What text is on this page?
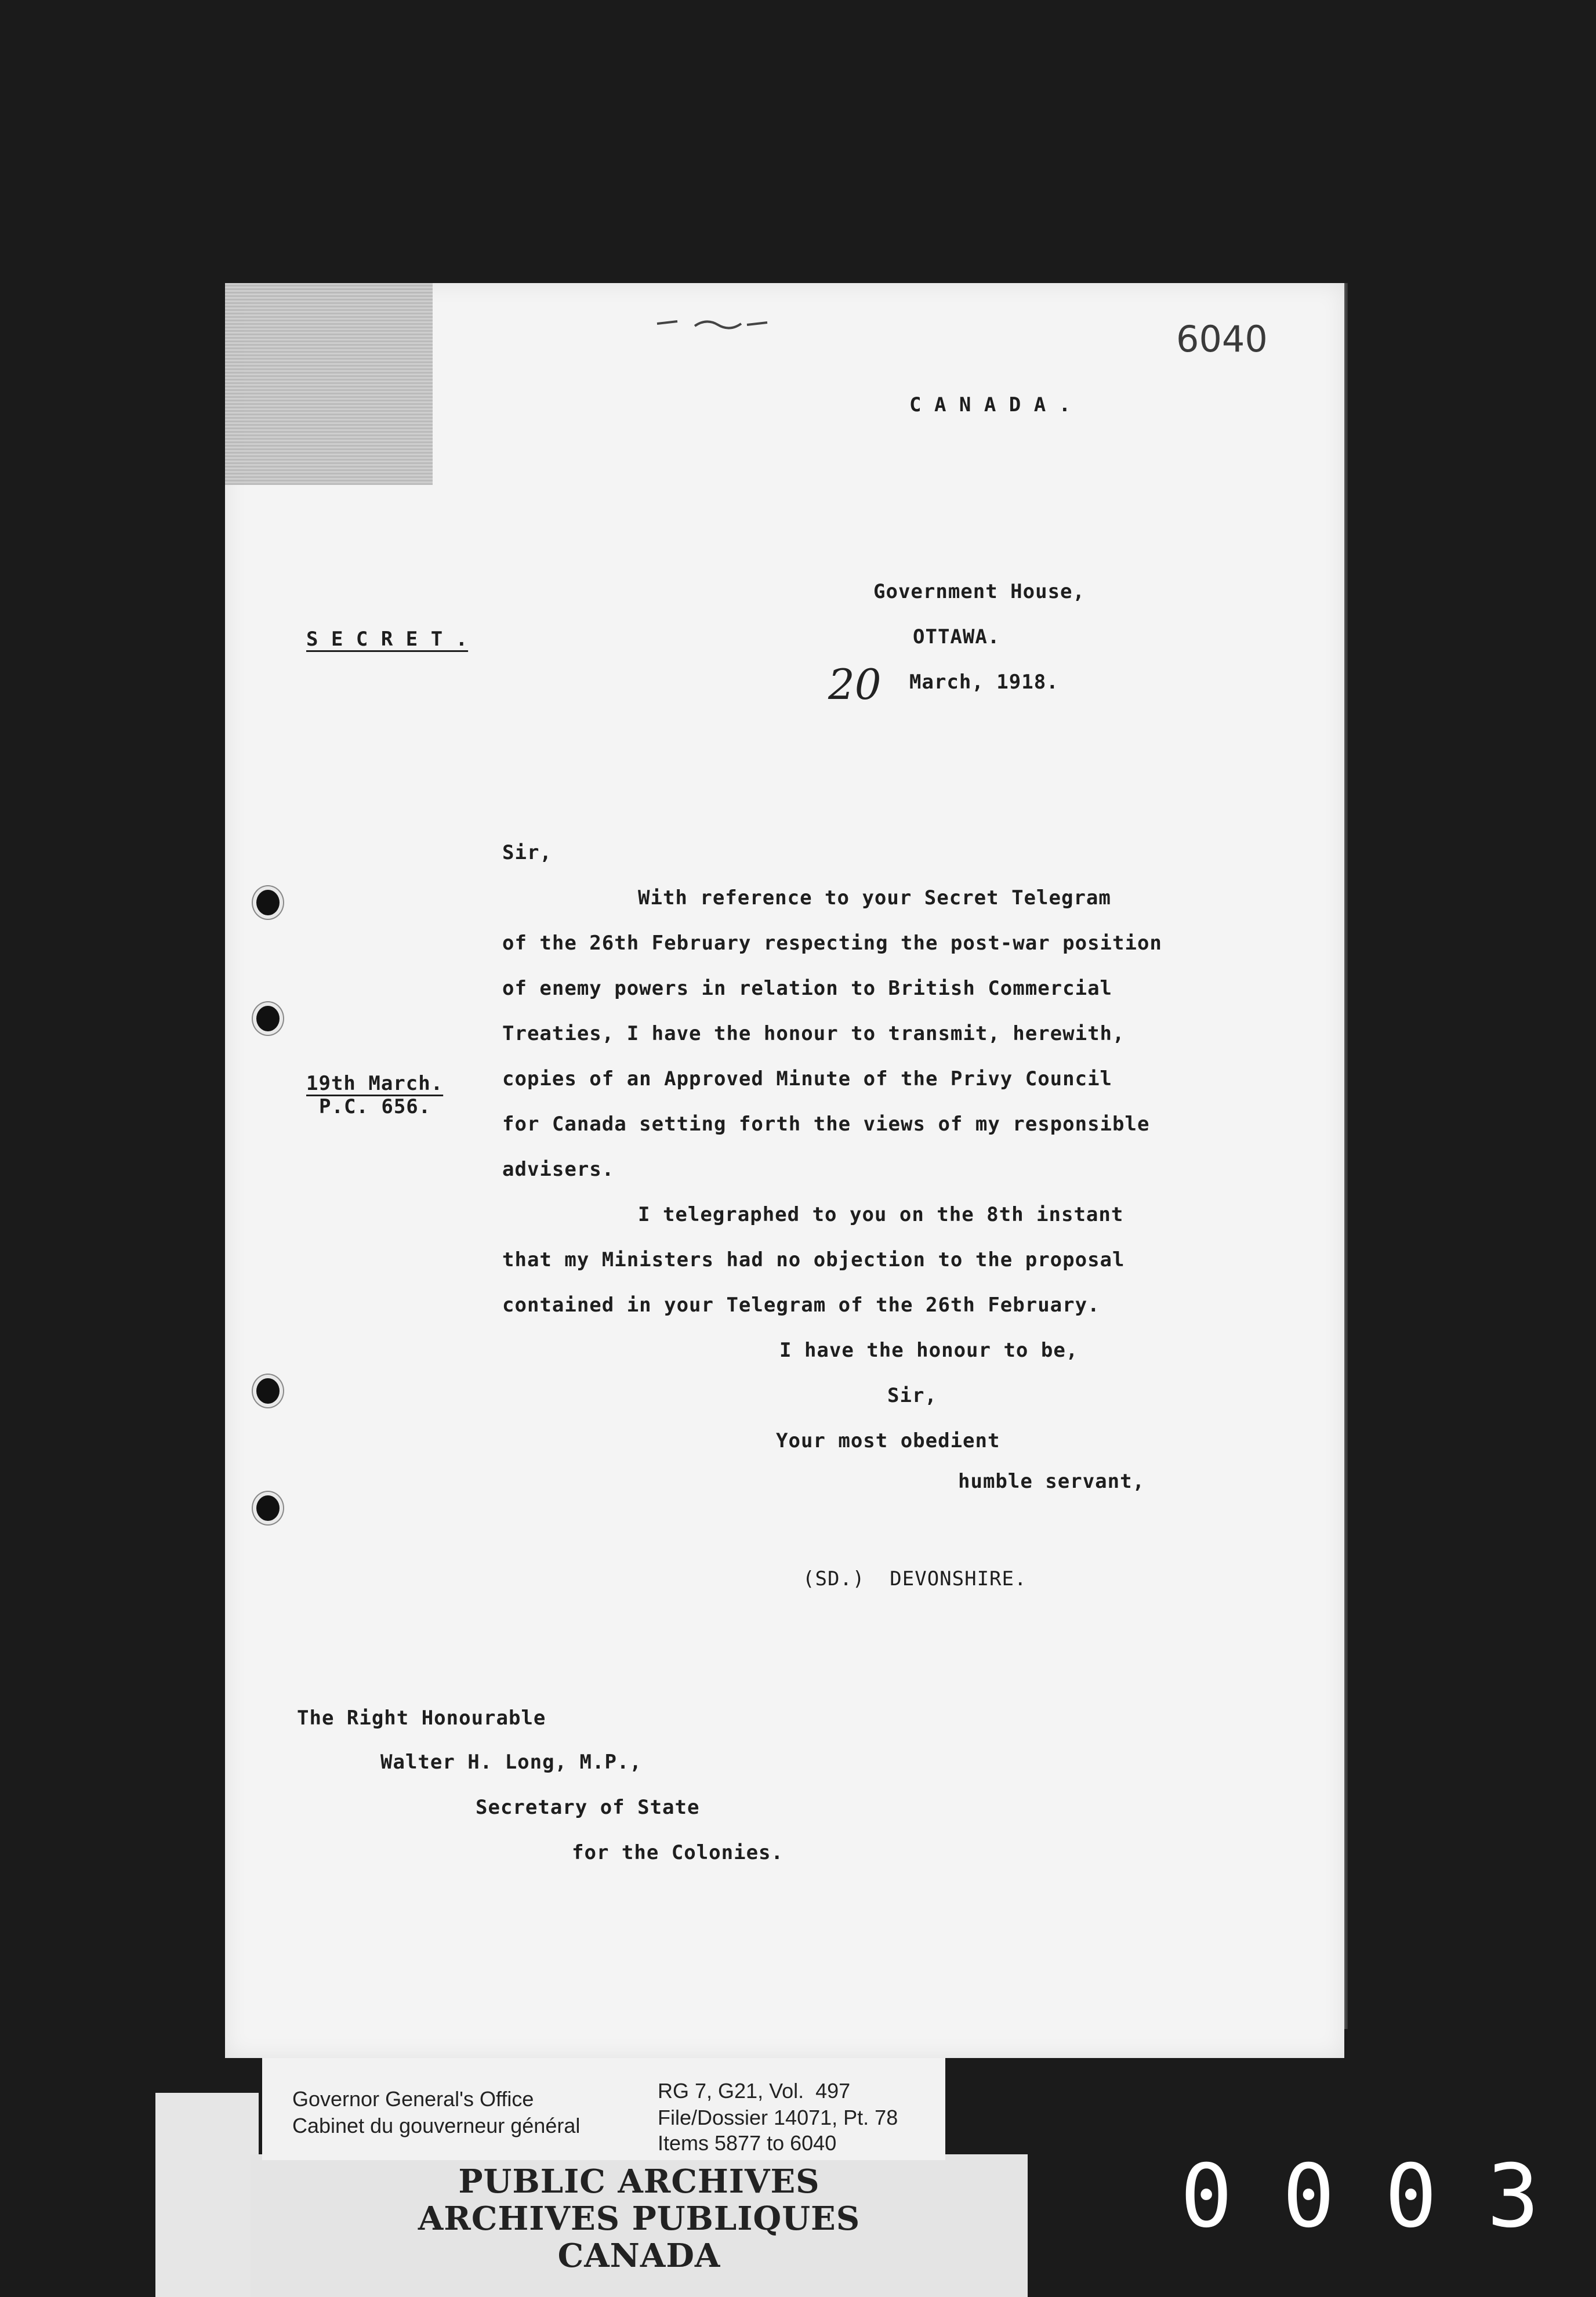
6040
C A N A D A .
Government House,
OTTAWA.
S E C R E T .
20 March, 1918.
Sir,
With reference to your Secret Telegram
of the 26th February respecting the post-war position
of enemy powers in relation to British Commercial
Treaties, I have the honour to transmit, herewith,
copies of an Approved Minute of the Privy Council
for Canada setting forth the views of my responsible
advisers.
I telegraphed to you on the 8th instant
that my Ministers had no objection to the proposal
contained in your Telegram of the 26th February.
19th March.
P.C. 656.
I have the honour to be,
Sir,
Your most obedient
humble servant,
(SD.)  DEVONSHIRE.
The Right Honourable
Walter H. Long, M.P.,
Secretary of State
for the Colonies.
PUBLIC ARCHIVES
ARCHIVES PUBLIQUES
CANADA
Governor General's Office
Cabinet du gouverneur général
RG 7, G21, Vol.  497
File/Dossier 14071, Pt. 78
Items 5877 to 6040
0003
